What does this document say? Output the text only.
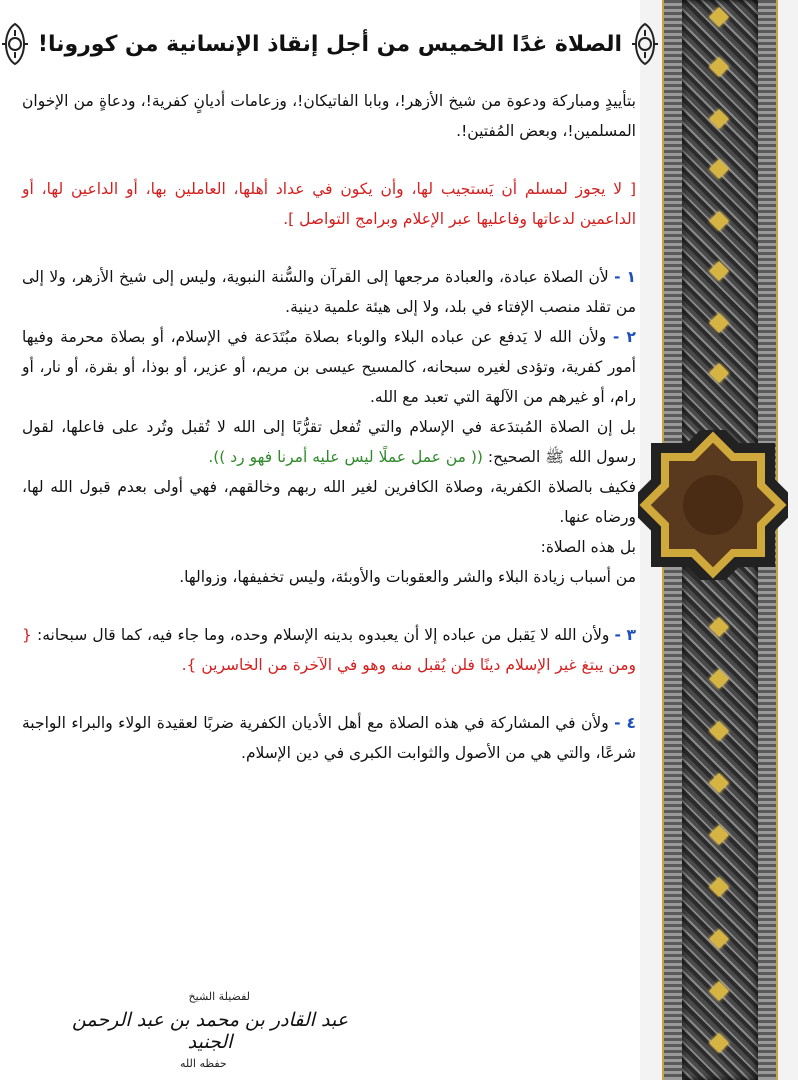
الصلاة غدًا الخميس من أجل إنقاذ الإنسانية من كورونا!

بتأييدٍ ومباركة ودعوة من شيخ الأزهر!، وبابا الفاتيكان!، وزعامات أديانٍ كفرية!، ودعاةٍ من الإخوان المسلمين!، وبعض المُفتين!.

[ لا يجوز لمسلم أن يَستجيب لها، وأن يكون في عداد أهلها، العاملين بها، أو الداعين لها، أو الداعمين لدعاتها وفاعليها عبر الإعلام وبرامج التواصل ].

١ - لأن الصلاة عبادة، والعبادة مرجعها إلى القرآن والسُّنة النبوية، وليس إلى شيخ الأزهر، ولا إلى من تقلد منصب الإفتاء في بلد، ولا إلى هيئة علمية دينية.

٢ - ولأن الله لا يَدفع عن عباده البلاء والوباء بصلاة مبُتَدَعة في الإسلام، أو بصلاة محرمة وفيها أمور كفرية، وتؤدى لغيره سبحانه، كالمسيح عيسى بن مريم، أو عزير، أو بوذا، أو بقرة، أو نار، أو رام، أو غيرهم من الآلهة التي تعبد مع الله.

بل إن الصلاة المُبتدَعة في الإسلام والتي تُفعل تقرُّبًا إلى الله لا تُقبل وتُرد على فاعلها، لقول رسول الله ﷺ الصحيح: (( من عمل عملًا ليس عليه أمرنا فهو رد )).

فكيف بالصلاة الكفرية، وصلاة الكافرين لغير الله ربهم وخالقهم، فهي أولى بعدم قبول الله لها، ورضاه عنها.

بل هذه الصلاة:

من أسباب زيادة البلاء والشر والعقوبات والأوبئة، وليس تخفيفها، وزوالها.

٣ - ولأن الله لا يَقبل من عباده إلا أن يعبدوه بدينه الإسلام وحده، وما جاء فيه، كما قال سبحانه: { ومن يبتغ غير الإسلام دينًا فلن يُقبل منه وهو في الآخرة من الخاسرين }.

٤ - ولأن في المشاركة في هذه الصلاة مع أهل الأديان الكفرية ضربًا لعقيدة الولاء والبراء الواجبة شرعًا، والتي هي من الأصول والثوابت الكبرى في دين الإسلام.

لفضيلة الشيخ
عبد القادر بن محمد بن عبد الرحمن الجنيد
حفظه الله
